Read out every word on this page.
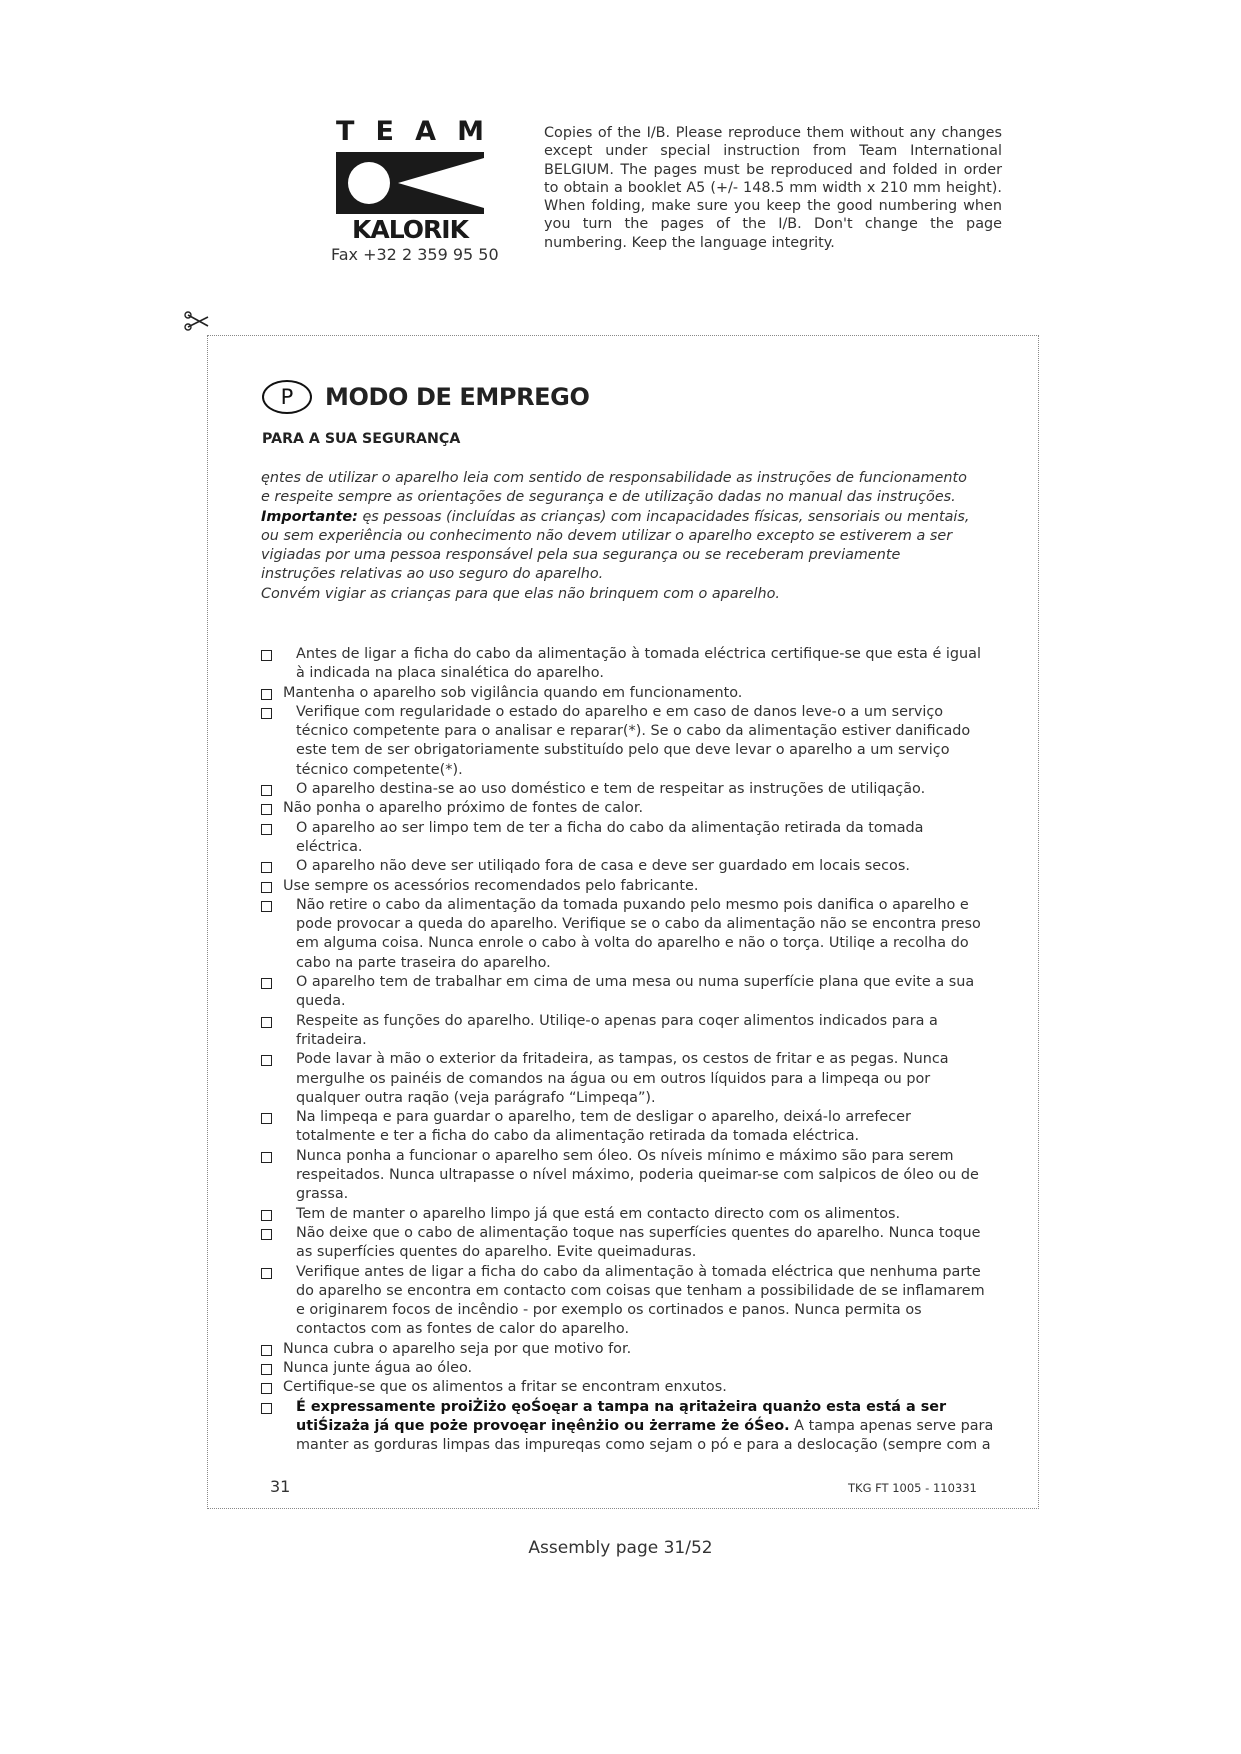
T E A M
KALORIK
Fax +32 2 359 95 50

Copies of the I/B. Please reproduce them without any changes except under special instruction from Team International BELGIUM. The pages must be reproduced and folded in order to obtain a booklet A5 (+/- 148.5 mm width x 210 mm height). When folding, make sure you keep the good numbering when you turn the pages of the I/B. Don't change the page numbering. Keep the language integrity.

P	MODO DE EMPREGO
PARA A SUA SEGURANÇA

ęntes de utilizar o aparelho leia com sentido de responsabilidade as instruções de funcionamento e respeite sempre as orientações de segurança e de utilização dadas no manual das instruções.

Importante: ęs pessoas (incluídas as crianças) com incapacidades físicas, sensoriais ou mentais, ou sem experiência ou conhecimento não devem utilizar o aparelho excepto se estiverem a ser vigiadas por uma pessoa responsável pela sua segurança ou se receberam previamente instruções relativas ao uso seguro do aparelho.

Convém vigiar as crianças para que elas não brinquem com o aparelho.

Antes de ligar a ficha do cabo da alimentação à tomada eléctrica certifique-se que esta é igual à indicada na placa sinalética do aparelho.
Mantenha o aparelho sob vigilância quando em funcionamento.
Verifique com regularidade o estado do aparelho e em caso de danos leve-o a um serviço técnico competente para o analisar e reparar(*). Se o cabo da alimentação estiver danificado este tem de ser obrigatoriamente substituído pelo que deve levar o aparelho a um serviço técnico competente(*).
O aparelho destina-se ao uso doméstico e tem de respeitar as instruções de utiliqação.
Não ponha o aparelho próximo de fontes de calor.
O aparelho ao ser limpo tem de ter a ficha do cabo da alimentação retirada da tomada eléctrica.
O aparelho não deve ser utiliqado fora de casa e deve ser guardado em locais secos.
Use sempre os acessórios recomendados pelo fabricante.
Não retire o cabo da alimentação da tomada puxando pelo mesmo pois danifica o aparelho e pode provocar a queda do aparelho. Verifique se o cabo da alimentação não se encontra preso em alguma coisa. Nunca enrole o cabo à volta do aparelho e não o torça. Utiliqe a recolha do cabo na parte traseira do aparelho.
O aparelho tem de trabalhar em cima de uma mesa ou numa superfície plana que evite a sua queda.
Respeite as funções do aparelho. Utiliqe-o apenas para coqer alimentos indicados para a fritadeira.
Pode lavar à mão o exterior da fritadeira, as tampas, os cestos de fritar e as pegas. Nunca mergulhe os painéis de comandos na água ou em outros líquidos para a limpeqa ou por qualquer outra raqão (veja parágrafo “Limpeqa”).
Na limpeqa e para guardar o aparelho, tem de desligar o aparelho, deixá-lo arrefecer totalmente e ter a ficha do cabo da alimentação retirada da tomada eléctrica.
Nunca ponha a funcionar o aparelho sem óleo. Os níveis mínimo e máximo são para serem respeitados. Nunca ultrapasse o nível máximo, poderia queimar-se com salpicos de óleo ou de grassa.
Tem de manter o aparelho limpo já que está em contacto directo com os alimentos.
Não deixe que o cabo de alimentação toque nas superfícies quentes do aparelho. Nunca toque as superfícies quentes do aparelho. Evite queimaduras.
Verifique antes de ligar a ficha do cabo da alimentação à tomada eléctrica que nenhuma parte do aparelho se encontra em contacto com coisas que tenham a possibilidade de se inflamarem e originarem focos de incêndio - por exemplo os cortinados e panos. Nunca permita os contactos com as fontes de calor do aparelho.
Nunca cubra o aparelho seja por que motivo for.
Nunca junte água ao óleo.
Certifique-se que os alimentos a fritar se encontram enxutos.
É expressamente proiŻiżo ęoŚoęar a tampa na ąritażeira quanżo esta está a ser utiŚizaża já que poże provoęar inęênżio ou żerrame że óŚeo. A tampa apenas serve para manter as gorduras limpas das impureqas como sejam o pó e para a deslocação (sempre com a
31	TKG FT 1005 - 110331
Assembly page 31/52
